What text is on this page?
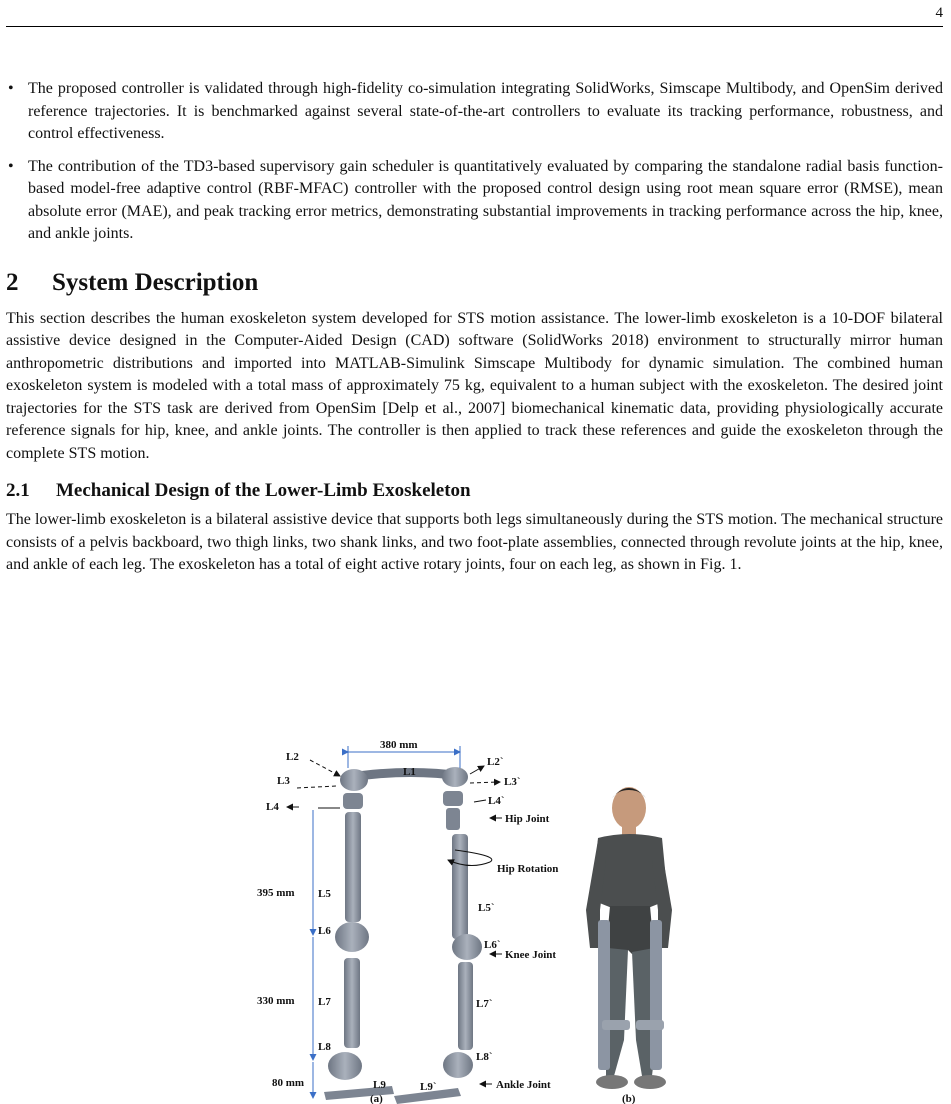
4
• The proposed controller is validated through high-fidelity co-simulation integrating SolidWorks, Simscape Multibody, and OpenSim derived reference trajectories. It is benchmarked against several state-of-the-art controllers to evaluate its tracking performance, robustness, and control effectiveness.
• The contribution of the TD3-based supervisory gain scheduler is quantitatively evaluated by comparing the standalone radial basis function-based model-free adaptive control (RBF-MFAC) controller with the proposed control design using root mean square error (RMSE), mean absolute error (MAE), and peak tracking error metrics, demonstrating substantial improvements in tracking performance across the hip, knee, and ankle joints.
2 System Description

This section describes the human exoskeleton system developed for STS motion assistance. The lower-limb exoskeleton is a 10-DOF bilateral assistive device designed in the Computer-Aided Design (CAD) software (SolidWorks 2018) environment to structurally mirror human anthropometric distributions and imported into MATLAB-Simulink Simscape Multibody for dynamic simulation. The combined human exoskeleton system is modeled with a total mass of approximately 75 kg, equivalent to a human subject with the exoskeleton. The desired joint trajectories for the STS task are derived from OpenSim [Delp et al., 2007] biomechanical kinematic data, providing physiologically accurate reference signals for hip, knee, and ankle joints. The controller is then applied to track these references and guide the exoskeleton through the complete STS motion.

2.1 Mechanical Design of the Lower-Limb Exoskeleton

The lower-limb exoskeleton is a bilateral assistive device that supports both legs simultaneously during the STS motion. The mechanical structure consists of a pelvis backboard, two thigh links, two shank links, and two foot-plate assemblies, connected through revolute joints at the hip, knee, and ankle of each leg. The exoskeleton has a total of eight active rotary joints, four on each leg, as shown in Fig. 1.

380 mm
395 mm
330 mm
80 mm
L1
L2
L3
L4
L5
L6
L7
L8
L9
L2`
L3`
L4`
L5`
L6`
L7`
L8`
L9`
Hip Joint
Hip Rotation
Knee Joint
Ankle Joint
(a)	(b)
